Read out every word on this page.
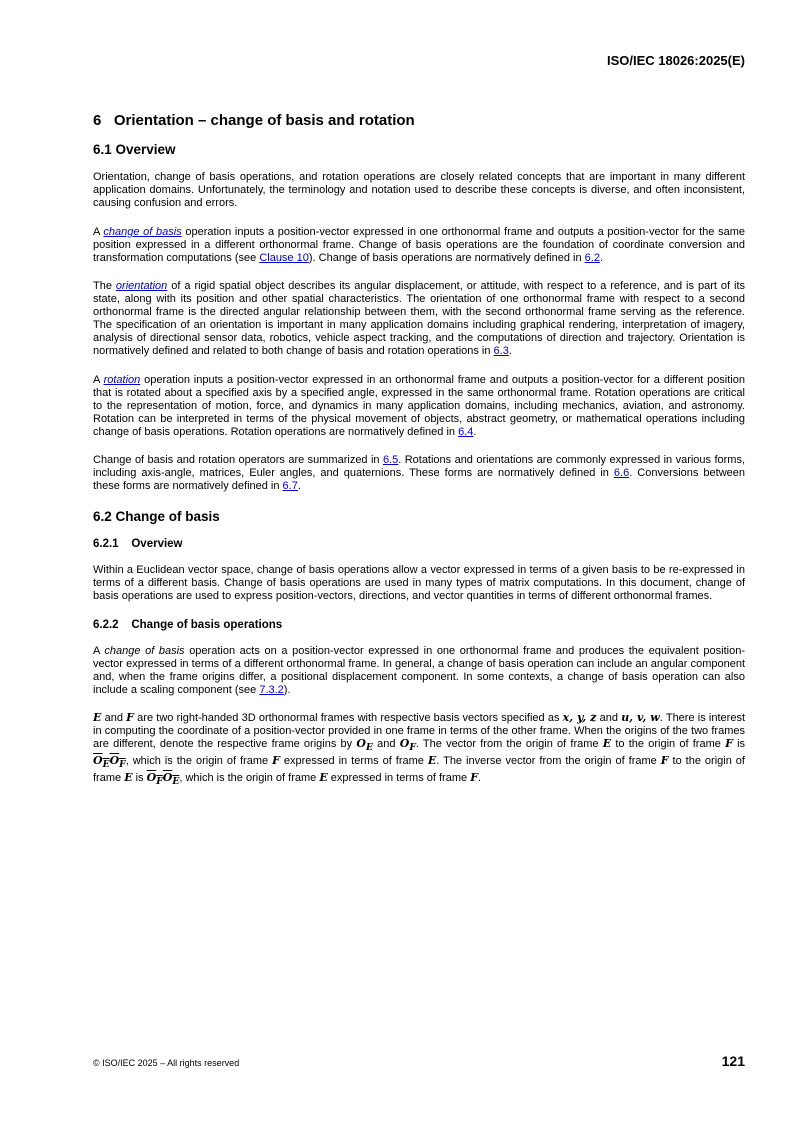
ISO/IEC 18026:2025(E)
6   Orientation – change of basis and rotation
6.1 Overview

Orientation, change of basis operations, and rotation operations are closely related concepts that are important in many different application domains. Unfortunately, the terminology and notation used to describe these concepts is diverse, and often inconsistent, causing confusion and errors.

A change of basis operation inputs a position-vector expressed in one orthonormal frame and outputs a position-vector for the same position expressed in a different orthonormal frame. Change of basis operations are the foundation of coordinate conversion and transformation computations (see Clause 10). Change of basis operations are normatively defined in 6.2.

The orientation of a rigid spatial object describes its angular displacement, or attitude, with respect to a reference, and is part of its state, along with its position and other spatial characteristics. The orientation of one orthonormal frame with respect to a second orthonormal frame is the directed angular relationship between them, with the second orthonormal frame serving as the reference. The specification of an orientation is important in many application domains including graphical rendering, interpretation of imagery, analysis of directional sensor data, robotics, vehicle aspect tracking, and the computations of direction and trajectory. Orientation is normatively defined and related to both change of basis and rotation operations in 6.3.

A rotation operation inputs a position-vector expressed in an orthonormal frame and outputs a position-vector for a different position that is rotated about a specified axis by a specified angle, expressed in the same orthonormal frame. Rotation operations are critical to the representation of motion, force, and dynamics in many application domains, including mechanics, aviation, and astronomy. Rotation can be interpreted in terms of the physical movement of objects, abstract geometry, or mathematical operations including change of basis operations. Rotation operations are normatively defined in 6.4.

Change of basis and rotation operators are summarized in 6.5. Rotations and orientations are commonly expressed in various forms, including axis-angle, matrices, Euler angles, and quaternions. These forms are normatively defined in 6.6. Conversions between these forms are normatively defined in 6.7.

6.2 Change of basis
6.2.1    Overview

Within a Euclidean vector space, change of basis operations allow a vector expressed in terms of a given basis to be re-expressed in terms of a different basis. Change of basis operations are used in many types of matrix computations. In this document, change of basis operations are used to express position-vectors, directions, and vector quantities in terms of different orthonormal frames.

6.2.2    Change of basis operations

A change of basis operation acts on a position-vector expressed in one orthonormal frame and produces the equivalent position-vector expressed in terms of a different orthonormal frame. In general, a change of basis operation can include an angular component and, when the frame origins differ, a positional displacement component. In some contexts, a change of basis operation can also include a scaling component (see 7.3.2).

E and F are two right-handed 3D orthonormal frames with respective basis vectors specified as x, y, z and u, v, w. There is interest in computing the coordinate of a position-vector provided in one frame in terms of the other frame. When the origins of the two frames are different, denote the respective frame origins by $O_E$ and $O_F$. The vector from the origin of frame E to the origin of frame F is $O_EO_F$, which is the origin of frame F expressed in terms of frame E. The inverse vector from the origin of frame F to the origin of frame E is $O_FO_E$, which is the origin of frame E expressed in terms of frame F.

© ISO/IEC 2025 – All rights reserved	121
